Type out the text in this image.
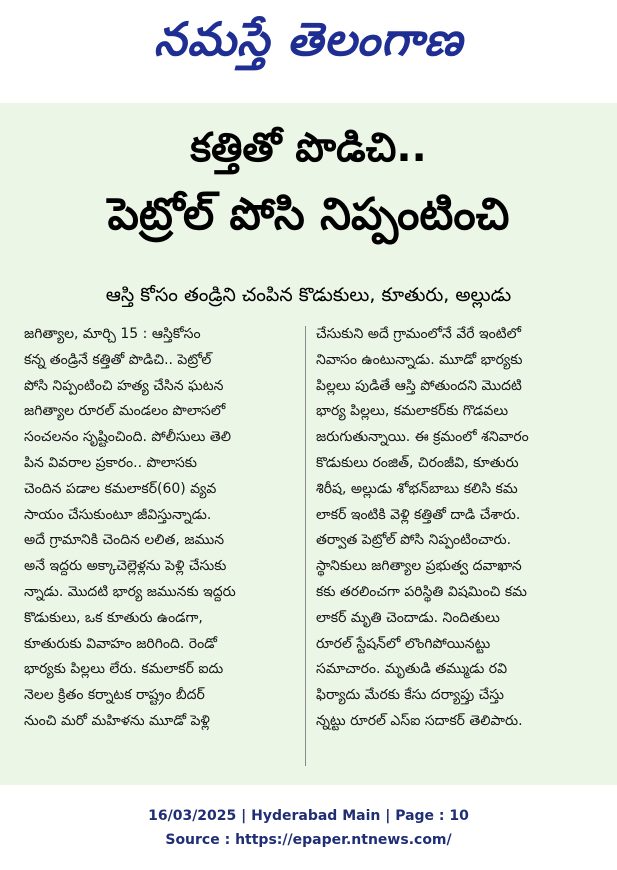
నమస్తే తెలంగాణ
కత్తితో పొడిచి..
పెట్రోల్ పోసి నిప్పంటించి
ఆస్తి కోసం తండ్రిని చంపిన కొడుకులు, కూతురు, అల్లుడు
జగిత్యాల, మార్చి 15 : ఆస్తికోసం
కన్న తండ్రినే కత్తితో పొడిచి.. పెట్రోల్
పోసి నిప్పంటించి హత్య చేసిన ఘటన
జగిత్యాల రూరల్ మండలం పొలాసలో
సంచలనం సృష్టించింది. పోలీసులు తెలి
పిన వివరాల ప్రకారం.. పొలాసకు
చెందిన పడాల కమలాకర్(60) వ్యవ
సాయం చేసుకుంటూ జీవిస్తున్నాడు.
అదే గ్రామానికి చెందిన లలిత, జమున
అనే ఇద్దరు అక్కాచెల్లెళ్లను పెళ్లి చేసుకు
న్నాడు. మొదటి భార్య జమునకు ఇద్దరు
కొడుకులు, ఒక కూతురు ఉండగా,
కూతురుకు వివాహం జరిగింది. రెండో
భార్యకు పిల్లలు లేరు. కమలాకర్ ఐదు
నెలల క్రితం కర్నాటక రాష్ట్రం బీదర్
నుంచి మరో మహిళను మూడో పెళ్లి
చేసుకుని అదే గ్రామంలోనే వేరే ఇంటిలో
నివాసం ఉంటున్నాడు. మూడో భార్యకు
పిల్లలు పుడితే ఆస్తి పోతుందని మొదటి
భార్య పిల్లలు, కమలాకర్‌కు గొడవలు
జరుగుతున్నాయి. ఈ క్రమంలో శనివారం
కొడుకులు రంజిత్, చిరంజీవి, కూతురు
శిరీష, అల్లుడు శోభన్‌బాబు కలిసి కమ
లాకర్ ఇంటికి వెళ్లి కత్తితో దాడి చేశారు.
తర్వాత పెట్రోల్ పోసి నిప్పంటించారు.
స్థానికులు జగిత్యాల ప్రభుత్వ దవాఖాన
కకు తరలించగా పరిస్థితి విషమించి కమ
లాకర్ మృతి చెందాడు. నిందితులు
రూరల్ స్టేషన్‌లో లొంగిపోయినట్టు
సమాచారం. మృతుడి తమ్ముడు రవి
ఫిర్యాదు మేరకు కేసు దర్యాప్తు చేస్తు
న్నట్టు రూరల్ ఎస్ఐ సదాకర్ తెలిపారు.
16/03/2025 | Hyderabad Main | Page : 10
Source : https://epaper.ntnews.com/
